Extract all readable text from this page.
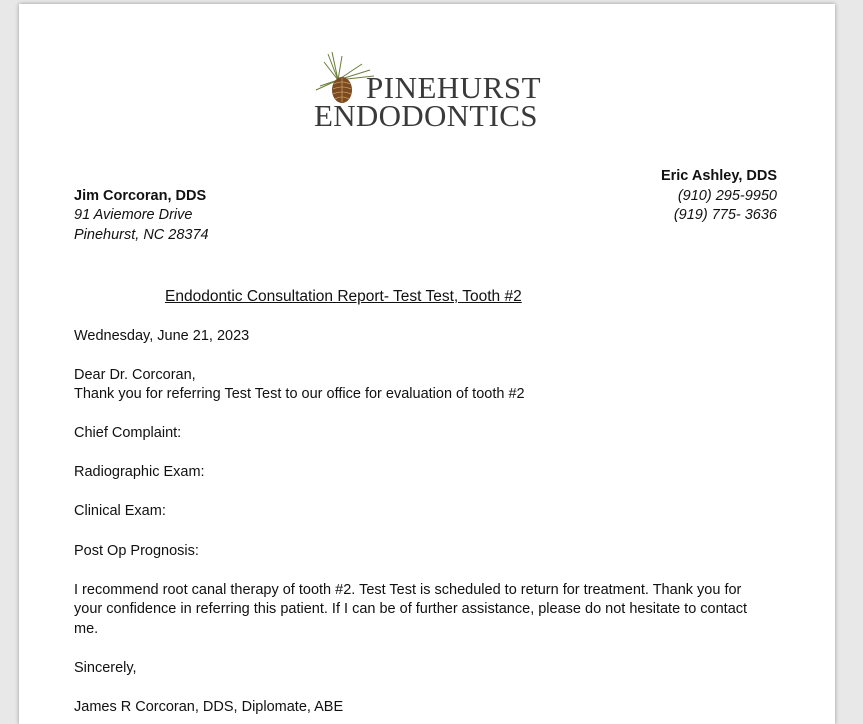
PINEHURST
ENDODONTICS
Eric Ashley, DDS
(910) 295-9950
(919) 775- 3636
Jim Corcoran, DDS
91 Aviemore Drive
Pinehurst, NC 28374
Endodontic Consultation Report- Test Test, Tooth #2
Wednesday, June 21, 2023
Dear Dr. Corcoran,
Thank you for referring Test Test to our office for evaluation of tooth #2
Chief Complaint:
Radiographic Exam:
Clinical Exam:
Post Op Prognosis:
I recommend root canal therapy of tooth #2. Test Test is scheduled to return for treatment. Thank you for
your confidence in referring this patient. If I can be of further assistance, please do not hesitate to contact
me.
Sincerely,
James R Corcoran, DDS, Diplomate, ABE
